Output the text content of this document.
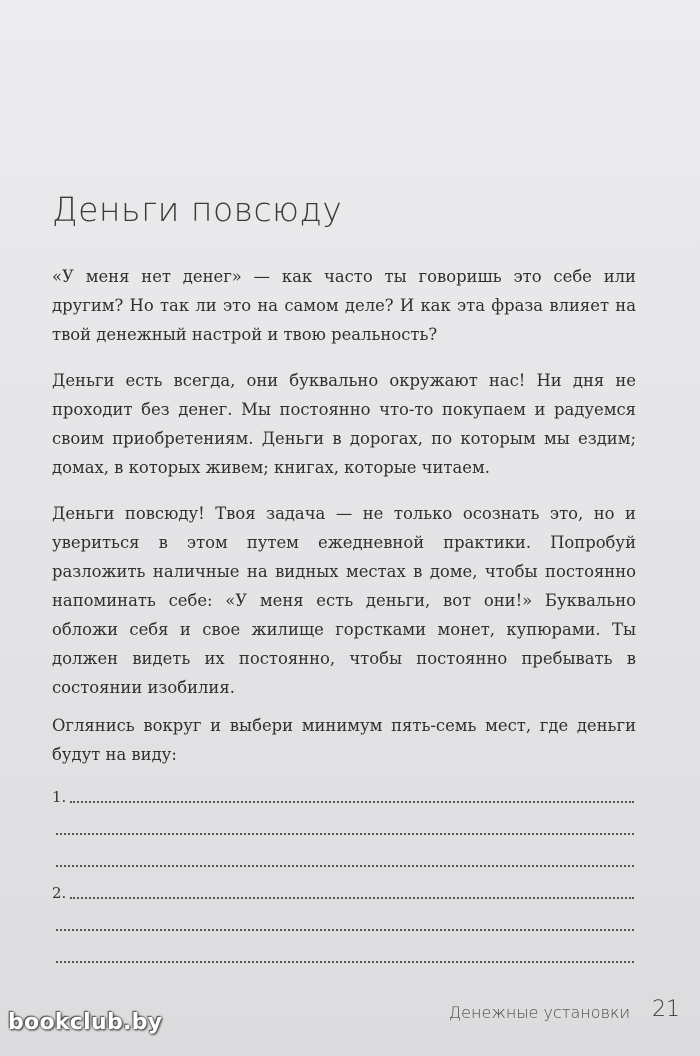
Деньги повсюду

«У меня нет денег» — как часто ты говоришь это себе или другим? Но так ли это на самом деле? И как эта фраза влияет на твой денежный настрой и твою реальность?

Деньги есть всегда, они буквально окружают нас! Ни дня не проходит без денег. Мы постоянно что-то покупаем и радуемся своим приобретениям. Деньги в дорогах, по которым мы ездим; домах, в которых живем; книгах, которые читаем.

Деньги повсюду! Твоя задача — не только осознать это, но и увериться в этом путем ежедневной практики. Попробуй разложить наличные на видных местах в доме, чтобы постоянно напоминать себе: «У меня есть деньги, вот они!» Буквально обложи себя и свое жилище горстками монет, купюрами. Ты должен видеть их постоянно, чтобы постоянно пребывать в состоянии изобилия.

Оглянись вокруг и выбери минимум пять-семь мест, где деньги будут на виду:

1.
2.
Денежные установки 21
bookclub.by
